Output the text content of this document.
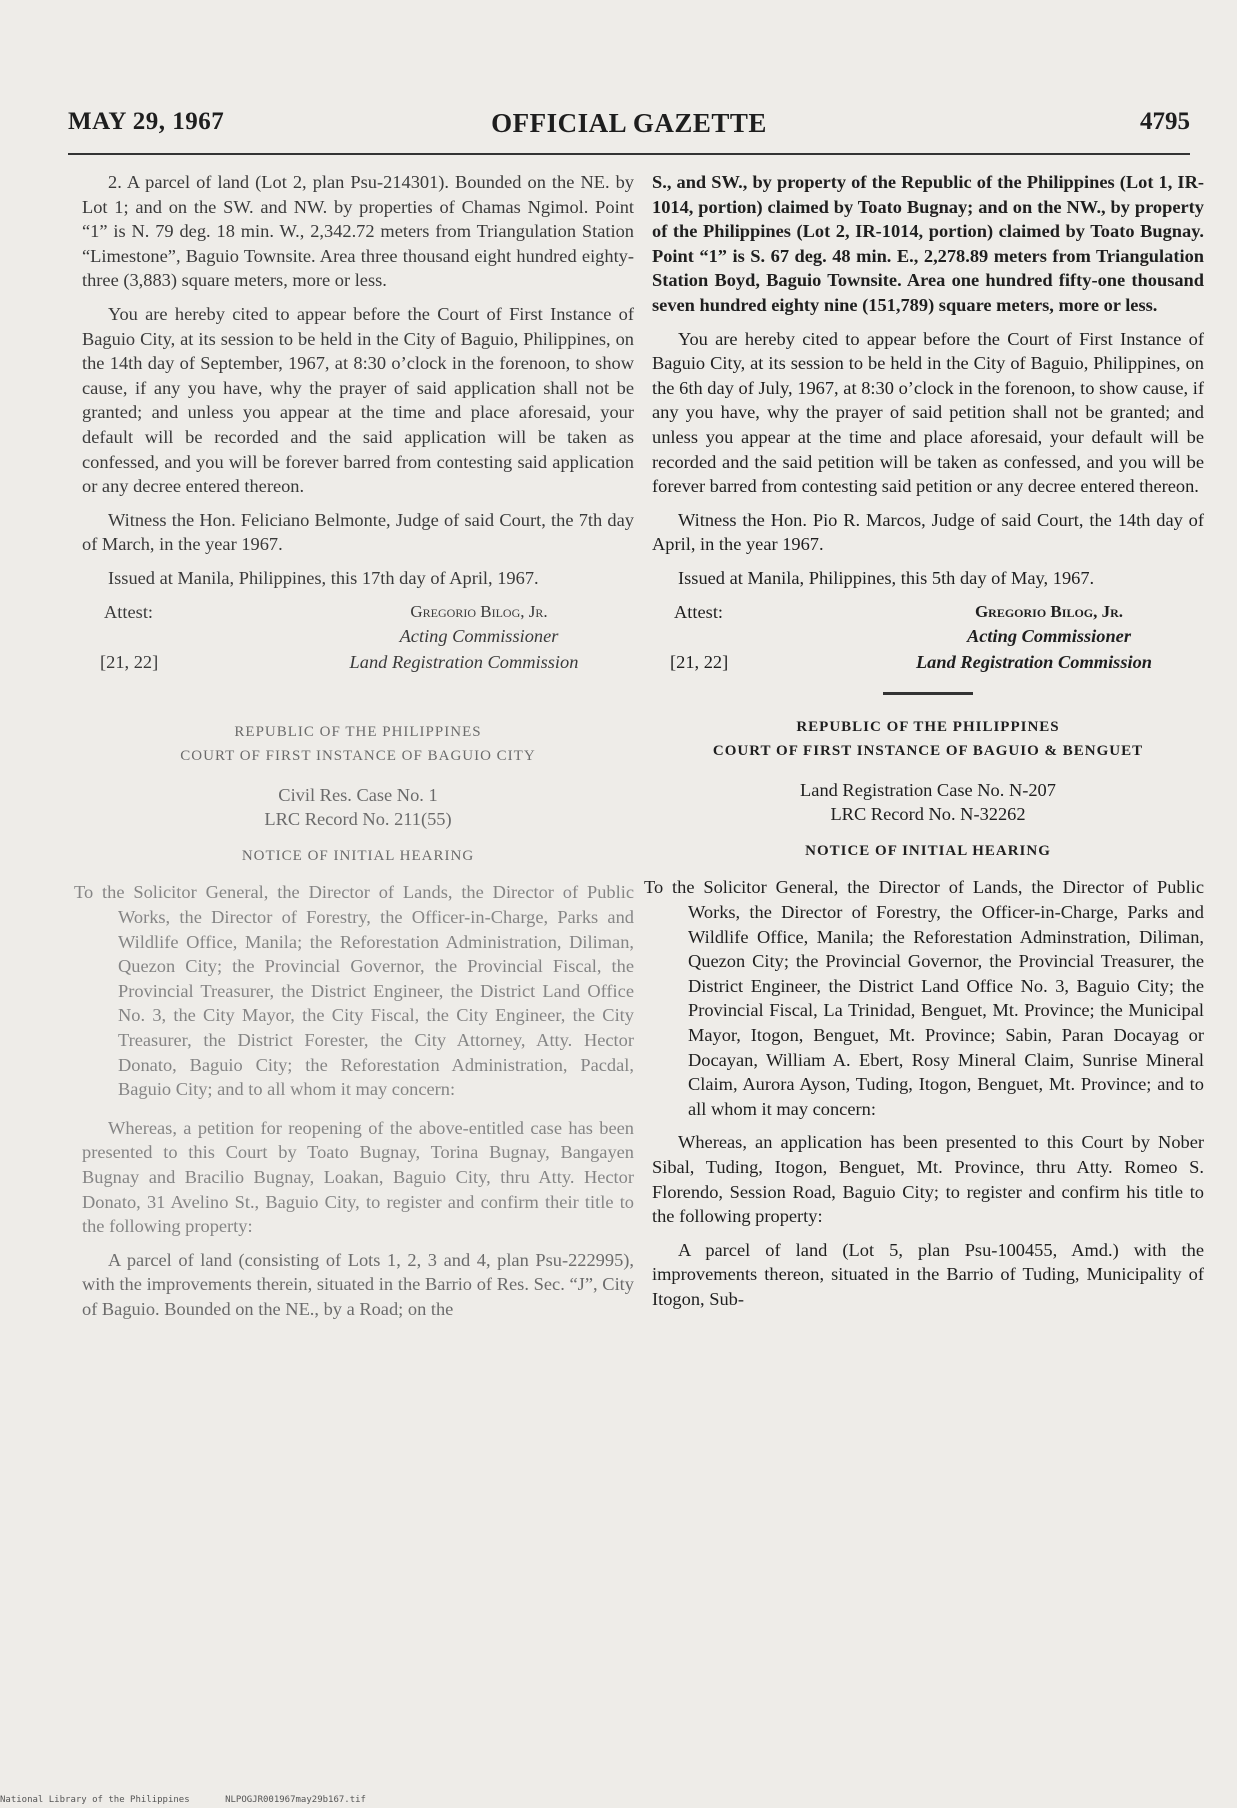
MAY 29, 1967	OFFICIAL GAZETTE	4795

2. A parcel of land (Lot 2, plan Psu-214301). Bounded on the NE. by Lot 1; and on the SW. and NW. by properties of Chamas Ngimol. Point “1” is N. 79 deg. 18 min. W., 2,342.72 meters from Triangulation Station “Limestone”, Baguio Townsite. Area three thousand eight hundred eighty-three (3,883) square meters, more or less.

You are hereby cited to appear before the Court of First Instance of Baguio City, at its session to be held in the City of Baguio, Philippines, on the 14th day of September, 1967, at 8:30 o’clock in the forenoon, to show cause, if any you have, why the prayer of said application shall not be granted; and unless you appear at the time and place aforesaid, your default will be recorded and the said application will be taken as confessed, and you will be forever barred from contesting said application or any decree entered thereon.

Witness the Hon. Feliciano Belmonte, Judge of said Court, the 7th day of March, in the year 1967.

Issued at Manila, Philippines, this 17th day of April, 1967.

Attest:	Gregorio Bilog, Jr.
Acting Commissioner
[21, 22]	Land Registration Commission
REPUBLIC OF THE PHILIPPINES
COURT OF FIRST INSTANCE OF BAGUIO CITY
Civil Res. Case No. 1
LRC Record No. 211(55)
NOTICE OF INITIAL HEARING

To the Solicitor General, the Director of Lands, the Director of Public Works, the Director of Forestry, the Officer-in-Charge, Parks and Wildlife Office, Manila; the Reforestation Administration, Diliman, Quezon City; the Provincial Governor, the Provincial Fiscal, the Provincial Treasurer, the District Engineer, the District Land Office No. 3, the City Mayor, the City Fiscal, the City Engineer, the City Treasurer, the District Forester, the City Attorney, Atty. Hector Donato, Baguio City; the Reforestation Administration, Pacdal, Baguio City; and to all whom it may concern:

Whereas, a petition for reopening of the above-entitled case has been presented to this Court by Toato Bugnay, Torina Bugnay, Bangayen Bugnay and Bracilio Bugnay, Loakan, Baguio City, thru Atty. Hector Donato, 31 Avelino St., Baguio City, to register and confirm their title to the following property:

A parcel of land (consisting of Lots 1, 2, 3 and 4, plan Psu-222995), with the improvements therein, situated in the Barrio of Res. Sec. “J”, City of Baguio. Bounded on the NE., by a Road; on the

S., and SW., by property of the Republic of the Philippines (Lot 1, IR-1014, portion) claimed by Toato Bugnay; and on the NW., by property of the Philippines (Lot 2, IR-1014, portion) claimed by Toato Bugnay. Point “1” is S. 67 deg. 48 min. E., 2,278.89 meters from Triangulation Station Boyd, Baguio Townsite. Area one hundred fifty-one thousand seven hundred eighty nine (151,789) square meters, more or less.

You are hereby cited to appear before the Court of First Instance of Baguio City, at its session to be held in the City of Baguio, Philippines, on the 6th day of July, 1967, at 8:30 o’clock in the forenoon, to show cause, if any you have, why the prayer of said petition shall not be granted; and unless you appear at the time and place aforesaid, your default will be recorded and the said petition will be taken as confessed, and you will be forever barred from contesting said petition or any decree entered thereon.

Witness the Hon. Pio R. Marcos, Judge of said Court, the 14th day of April, in the year 1967.

Issued at Manila, Philippines, this 5th day of May, 1967.

Attest:	Gregorio Bilog, Jr.
Acting Commissioner
[21, 22]	Land Registration Commission
REPUBLIC OF THE PHILIPPINES
COURT OF FIRST INSTANCE OF BAGUIO & BENGUET
Land Registration Case No. N-207
LRC Record No. N-32262
NOTICE OF INITIAL HEARING

To the Solicitor General, the Director of Lands, the Director of Public Works, the Director of Forestry, the Officer-in-Charge, Parks and Wildlife Office, Manila; the Reforestation Adminstration, Diliman, Quezon City; the Provincial Governor, the Provincial Treasurer, the District Engineer, the District Land Office No. 3, Baguio City; the Provincial Fiscal, La Trinidad, Benguet, Mt. Province; the Municipal Mayor, Itogon, Benguet, Mt. Province; Sabin, Paran Docayag or Docayan, William A. Ebert, Rosy Mineral Claim, Sunrise Mineral Claim, Aurora Ayson, Tuding, Itogon, Benguet, Mt. Province; and to all whom it may concern:

Whereas, an application has been presented to this Court by Nober Sibal, Tuding, Itogon, Benguet, Mt. Province, thru Atty. Romeo S. Florendo, Session Road, Baguio City; to register and confirm his title to the following property:

A parcel of land (Lot 5, plan Psu-100455, Amd.) with the improvements thereon, situated in the Barrio of Tuding, Municipality of Itogon, Sub-

National Library of the Philippines	NLPOGJR001967may29b167.tif
